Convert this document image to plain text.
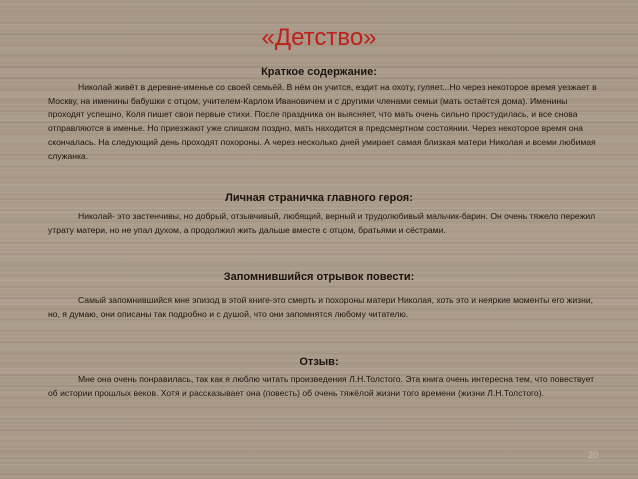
«Детство»
Краткое содержание:
Николай живёт в деревне-именье со своей семьёй. В нём он учится, ездит на охоту, гуляет...Но через некоторое время уезжает в Москву, на именины бабушки с отцом, учителем-Карлом Ивановичем и с другими членами семьи (мать остаётся дома). Именины проходят успешно, Коля пишет свои первые стихи. После праздника он выясняет, что мать очень сильно простудилась, и все снова отправляются в именье. Но приезжают уже слишком поздно, мать находится в предсмертном состоянии. Через некоторое время она скончалась. На следующий день проходят похороны. А через несколько дней умирает самая близкая матери Николая и всеми любимая служанка.
Личная страничка главного героя:
Николай- это застенчивы, но добрый, отзывчивый, любящий, верный и трудолюбивый мальчик-барин. Он очень тяжело пережил утрату матери, но не упал духом, а продолжил жить дальше вместе с отцом, братьями и сёстрами.
Запомнившийся отрывок повести:
Самый запомнившийся мне эпизод в этой книге-это смерть и похороны матери Николая, хоть это и неяркие моменты его жизни, но, я думаю, они описаны так подробно и с душой, что они запомнятся любому читателю.
Отзыв:
Мне она очень понравилась, так как я люблю читать произведения Л.Н.Толстого. Эта книга очень интересна тем, что повествует об истории прошлых веков. Хотя и рассказывает она (повесть) об очень тяжёлой жизни того времени (жизни Л.Н.Толстого).
20
